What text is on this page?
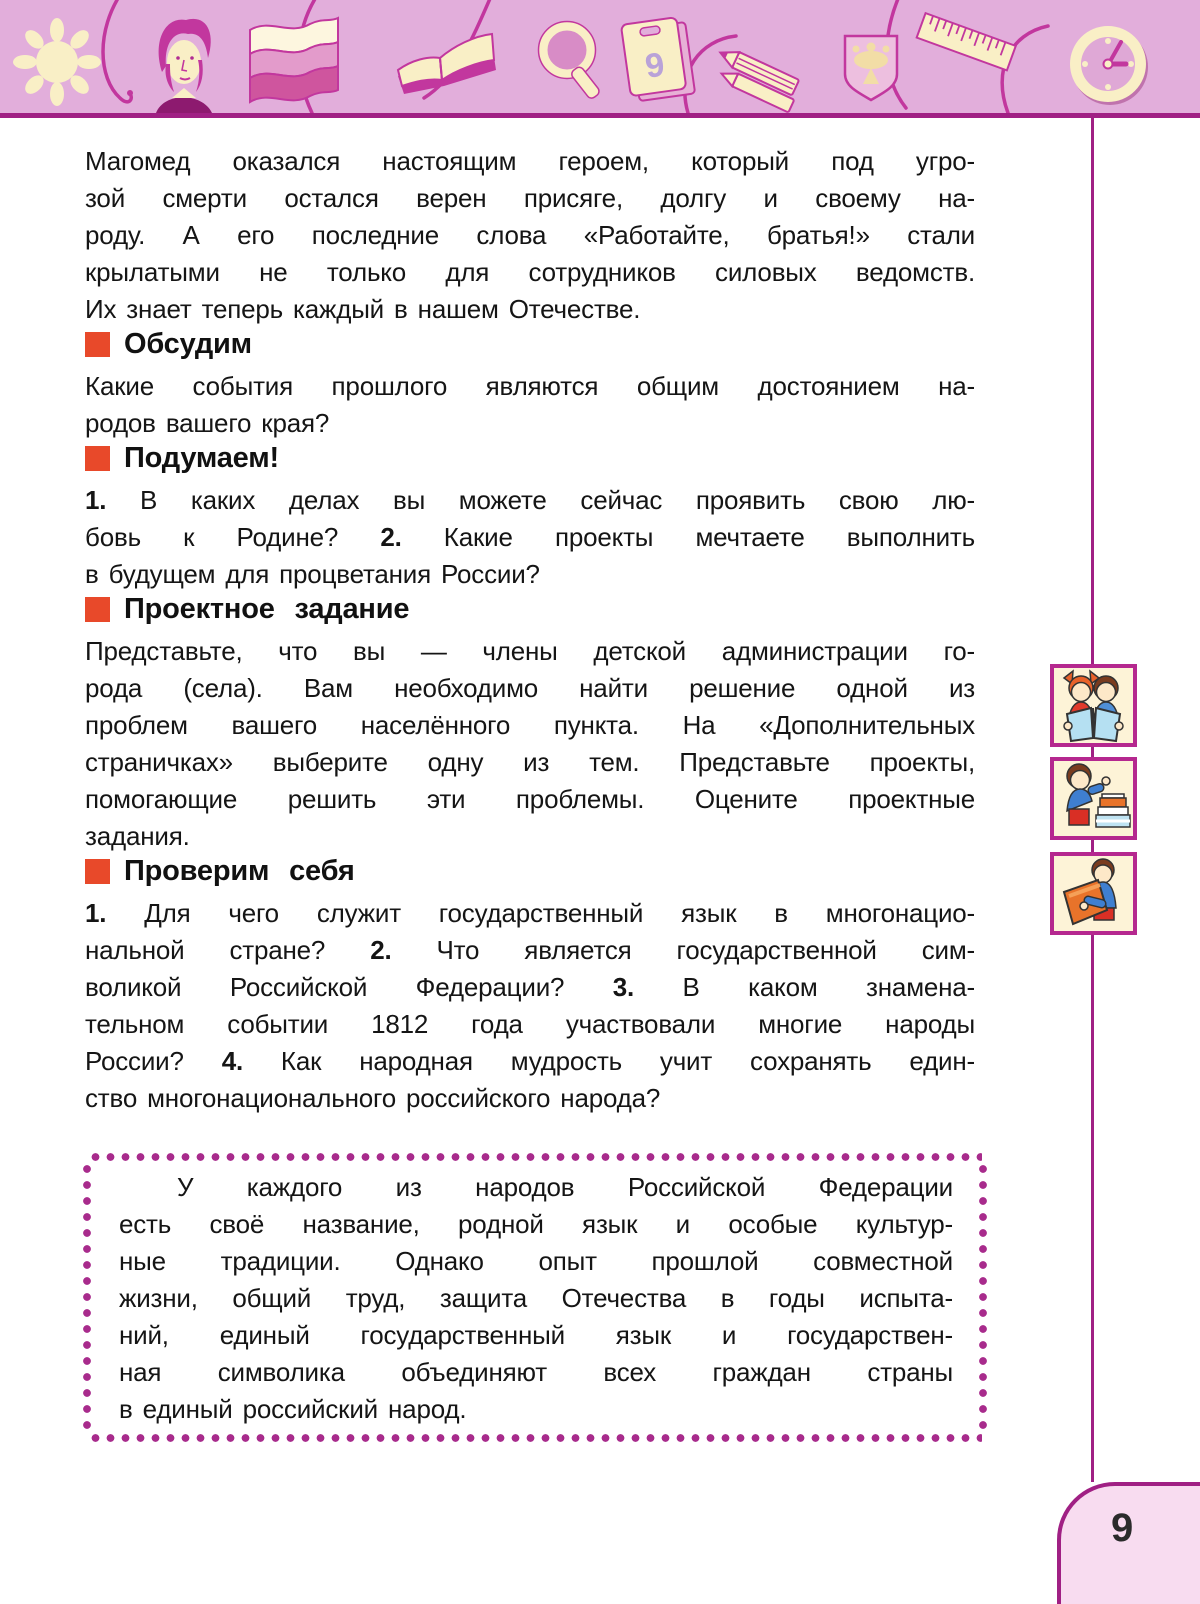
9
Магомед оказался настоящим героем, который под угро-
зой смерти остался верен присяге, долгу и своему на-
роду. А его последние слова «Работайте, братья!» стали
крылатыми не только для сотрудников силовых ведомств.
Их знает теперь каждый в нашем Отечестве.
Обсудим
Какие события прошлого являются общим достоянием на-
родов вашего края?
Подумаем!
1. В каких делах вы можете сейчас проявить свою лю-
бовь к Родине? 2. Какие проекты мечтаете выполнить
в будущем для процветания России?
Проектное задание
Представьте, что вы — члены детской администрации го-
рода (села). Вам необходимо найти решение одной из
проблем вашего населённого пункта. На «Дополнительных
страничках» выберите одну из тем. Представьте проекты,
помогающие решить эти проблемы. Оцените проектные
задания.
Проверим себя
1. Для чего служит государственный язык в многонацио-
нальной стране? 2. Что является государственной сим-
воликой Российской Федерации? 3. В каком знамена-
тельном событии 1812 года участвовали многие народы
России? 4. Как народная мудрость учит сохранять един-
ство многонационального российского народа?
У каждого из народов Российской Федерации
есть своё название, родной язык и особые культур-
ные традиции. Однако опыт прошлой совместной
жизни, общий труд, защита Отечества в годы испыта-
ний, единый государственный язык и государствен-
ная символика объединяют всех граждан страны
в единый российский народ.
9
